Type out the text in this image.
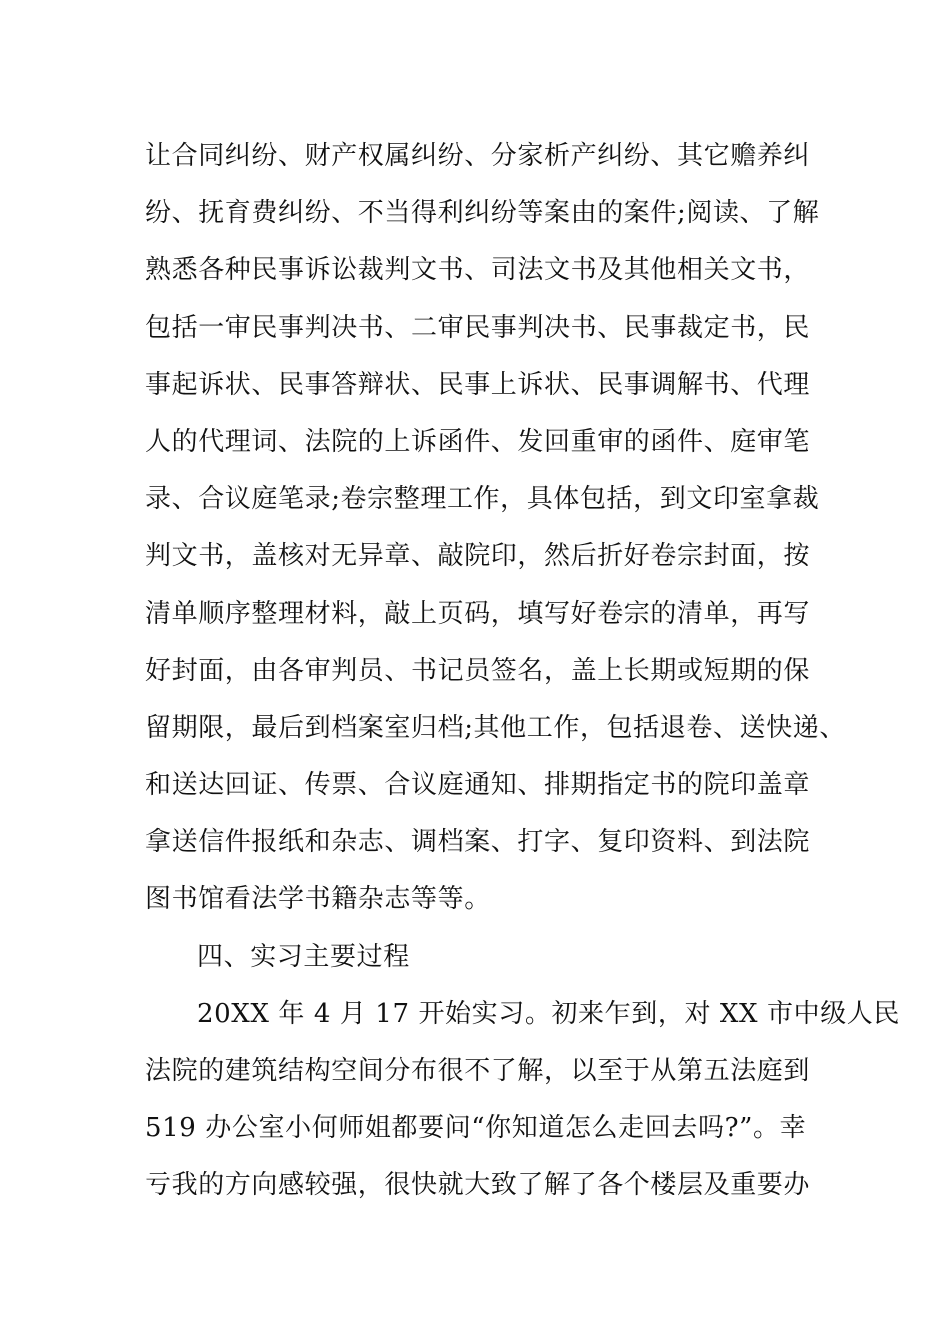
让合同纠纷、财产权属纠纷、分家析产纠纷、其它赡养纠
纷、抚育费纠纷、不当得利纠纷等案由的案件;阅读、了解
熟悉各种民事诉讼裁判文书、司法文书及其他相关文书，
包括一审民事判决书、二审民事判决书、民事裁定书，民
事起诉状、民事答辩状、民事上诉状、民事调解书、代理
人的代理词、法院的上诉函件、发回重审的函件、庭审笔
录、合议庭笔录;卷宗整理工作，具体包括，到文印室拿裁
判文书，盖核对无异章、敲院印，然后折好卷宗封面，按
清单顺序整理材料，敲上页码，填写好卷宗的清单，再写
好封面，由各审判员、书记员签名，盖上长期或短期的保
留期限，最后到档案室归档;其他工作，包括退卷、送快递、
和送达回证、传票、合议庭通知、排期指定书的院印盖章
拿送信件报纸和杂志、调档案、打字、复印资料、到法院
图书馆看法学书籍杂志等等。
四、实习主要过程
20XX 年 4 月 17 开始实习。初来乍到，对 XX 市中级人民
法院的建筑结构空间分布很不了解，以至于从第五法庭到
519 办公室小何师姐都要问“你知道怎么走回去吗?”。幸
亏我的方向感较强，很快就大致了解了各个楼层及重要办
